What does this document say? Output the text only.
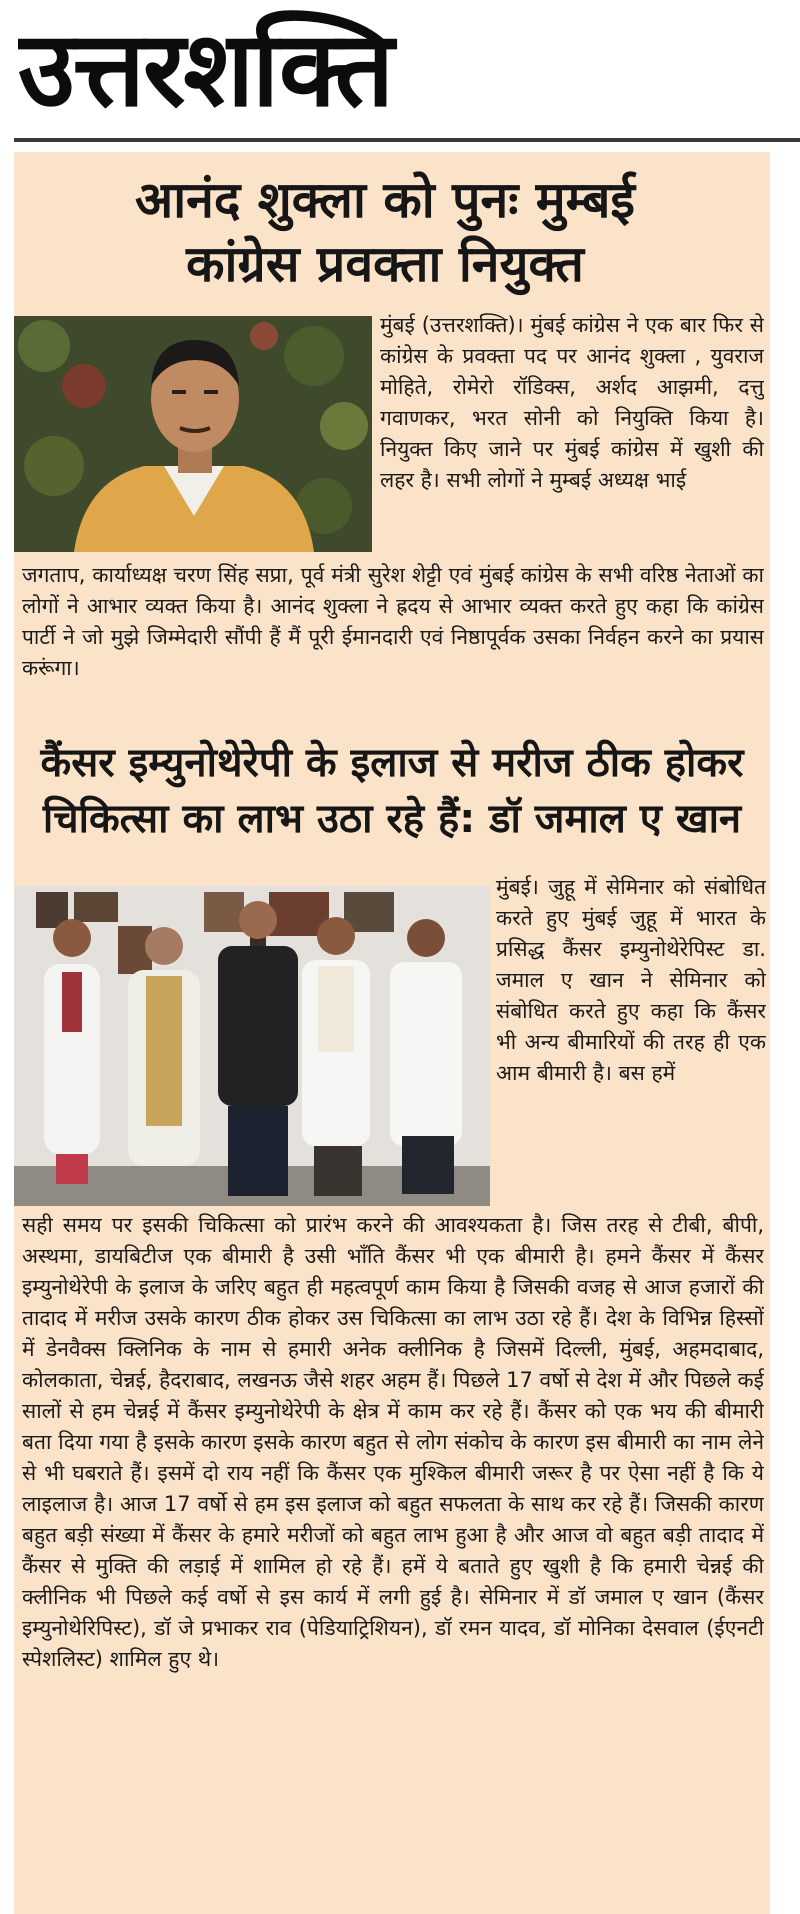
उत्तरशक्ति
आनंद शुक्ला को पुनः मुम्बई
कांग्रेस प्रवक्ता नियुक्त
मुंबई (उत्तरशक्ति)। मुंबई कांग्रेस ने एक बार फिर से कांग्रेस के प्रवक्ता पद पर आनंद शुक्ला , युवराज मोहिते, रोमेरो रॉडिक्स, अर्शद आझमी, दत्तु गवाणकर, भरत सोनी को नियुक्ति किया है। नियुक्त किए जाने पर मुंबई कांग्रेस में खुशी की लहर है। सभी लोगों ने मुम्बई अध्यक्ष भाई
जगताप, कार्याध्यक्ष चरण सिंह सप्रा, पूर्व मंत्री सुरेश शेट्टी एवं मुंबई कांग्रेस के सभी वरिष्ठ नेताओं का लोगों ने आभार व्यक्त किया है। आनंद शुक्ला ने ह्रदय से आभार व्यक्त करते हुए कहा कि कांग्रेस पार्टी ने जो मुझे जिम्मेदारी सौंपी हैं मैं पूरी ईमानदारी एवं निष्ठापूर्वक उसका निर्वहन करने का प्रयास करूंगा।
कैंसर इम्युनोथेरेपी के इलाज से मरीज ठीक होकर
चिकित्सा का लाभ उठा रहे हैं: डॉ जमाल ए खान
मुंबई। जुहू में सेमिनार को संबोधित करते हुए मुंबई जुहू में भारत के प्रसिद्ध कैंसर इम्युनोथेरेपिस्ट डा. जमाल ए खान ने सेमिनार को संबोधित करते हुए कहा कि कैंसर भी अन्य बीमारियों की तरह ही एक आम बीमारी है। बस हमें
सही समय पर इसकी चिकित्सा को प्रारंभ करने की आवश्यकता है। जिस तरह से टीबी, बीपी, अस्थमा, डायबिटीज एक बीमारी है उसी भाँति कैंसर भी एक बीमारी है। हमने कैंसर में कैंसर इम्युनोथेरेपी के इलाज के जरिए बहुत ही महत्वपूर्ण काम किया है जिसकी वजह से आज हजारों की तादाद में मरीज उसके कारण ठीक होकर उस चिकित्सा का लाभ उठा रहे हैं। देश के विभिन्न हिस्सों में डेनवैक्स क्लिनिक के नाम से हमारी अनेक क्लीनिक है जिसमें दिल्ली, मुंबई, अहमदाबाद, कोलकाता, चेन्नई, हैदराबाद, लखनऊ जैसे शहर अहम हैं। पिछले 17 वर्षो से देश में और पिछले कई सालों से हम चेन्नई में कैंसर इम्युनोथेरेपी के क्षेत्र में काम कर रहे हैं। कैंसर को एक भय की बीमारी बता दिया गया है इसके कारण इसके कारण बहुत से लोग संकोच के कारण इस बीमारी का नाम लेने से भी घबराते हैं। इसमें दो राय नहीं कि कैंसर एक मुश्किल बीमारी जरूर है पर ऐसा नहीं है कि ये लाइलाज है। आज 17 वर्षो से हम इस इलाज को बहुत सफलता के साथ कर रहे हैं। जिसकी कारण बहुत बड़ी संख्या में कैंसर के हमारे मरीजों को बहुत लाभ हुआ है और आज वो बहुत बड़ी तादाद में कैंसर से मुक्ति की लड़ाई में शामिल हो रहे हैं। हमें ये बताते हुए खुशी है कि हमारी चेन्नई की क्लीनिक भी पिछले कई वर्षो से इस कार्य में लगी हुई है। सेमिनार में डॉ जमाल ए खान (कैंसर इम्युनोथेरिपिस्ट), डॉ जे प्रभाकर राव (पेडियाट्रिशियन), डॉ रमन यादव, डॉ मोनिका देसवाल (ईएनटी स्पेशलिस्ट) शामिल हुए थे।
